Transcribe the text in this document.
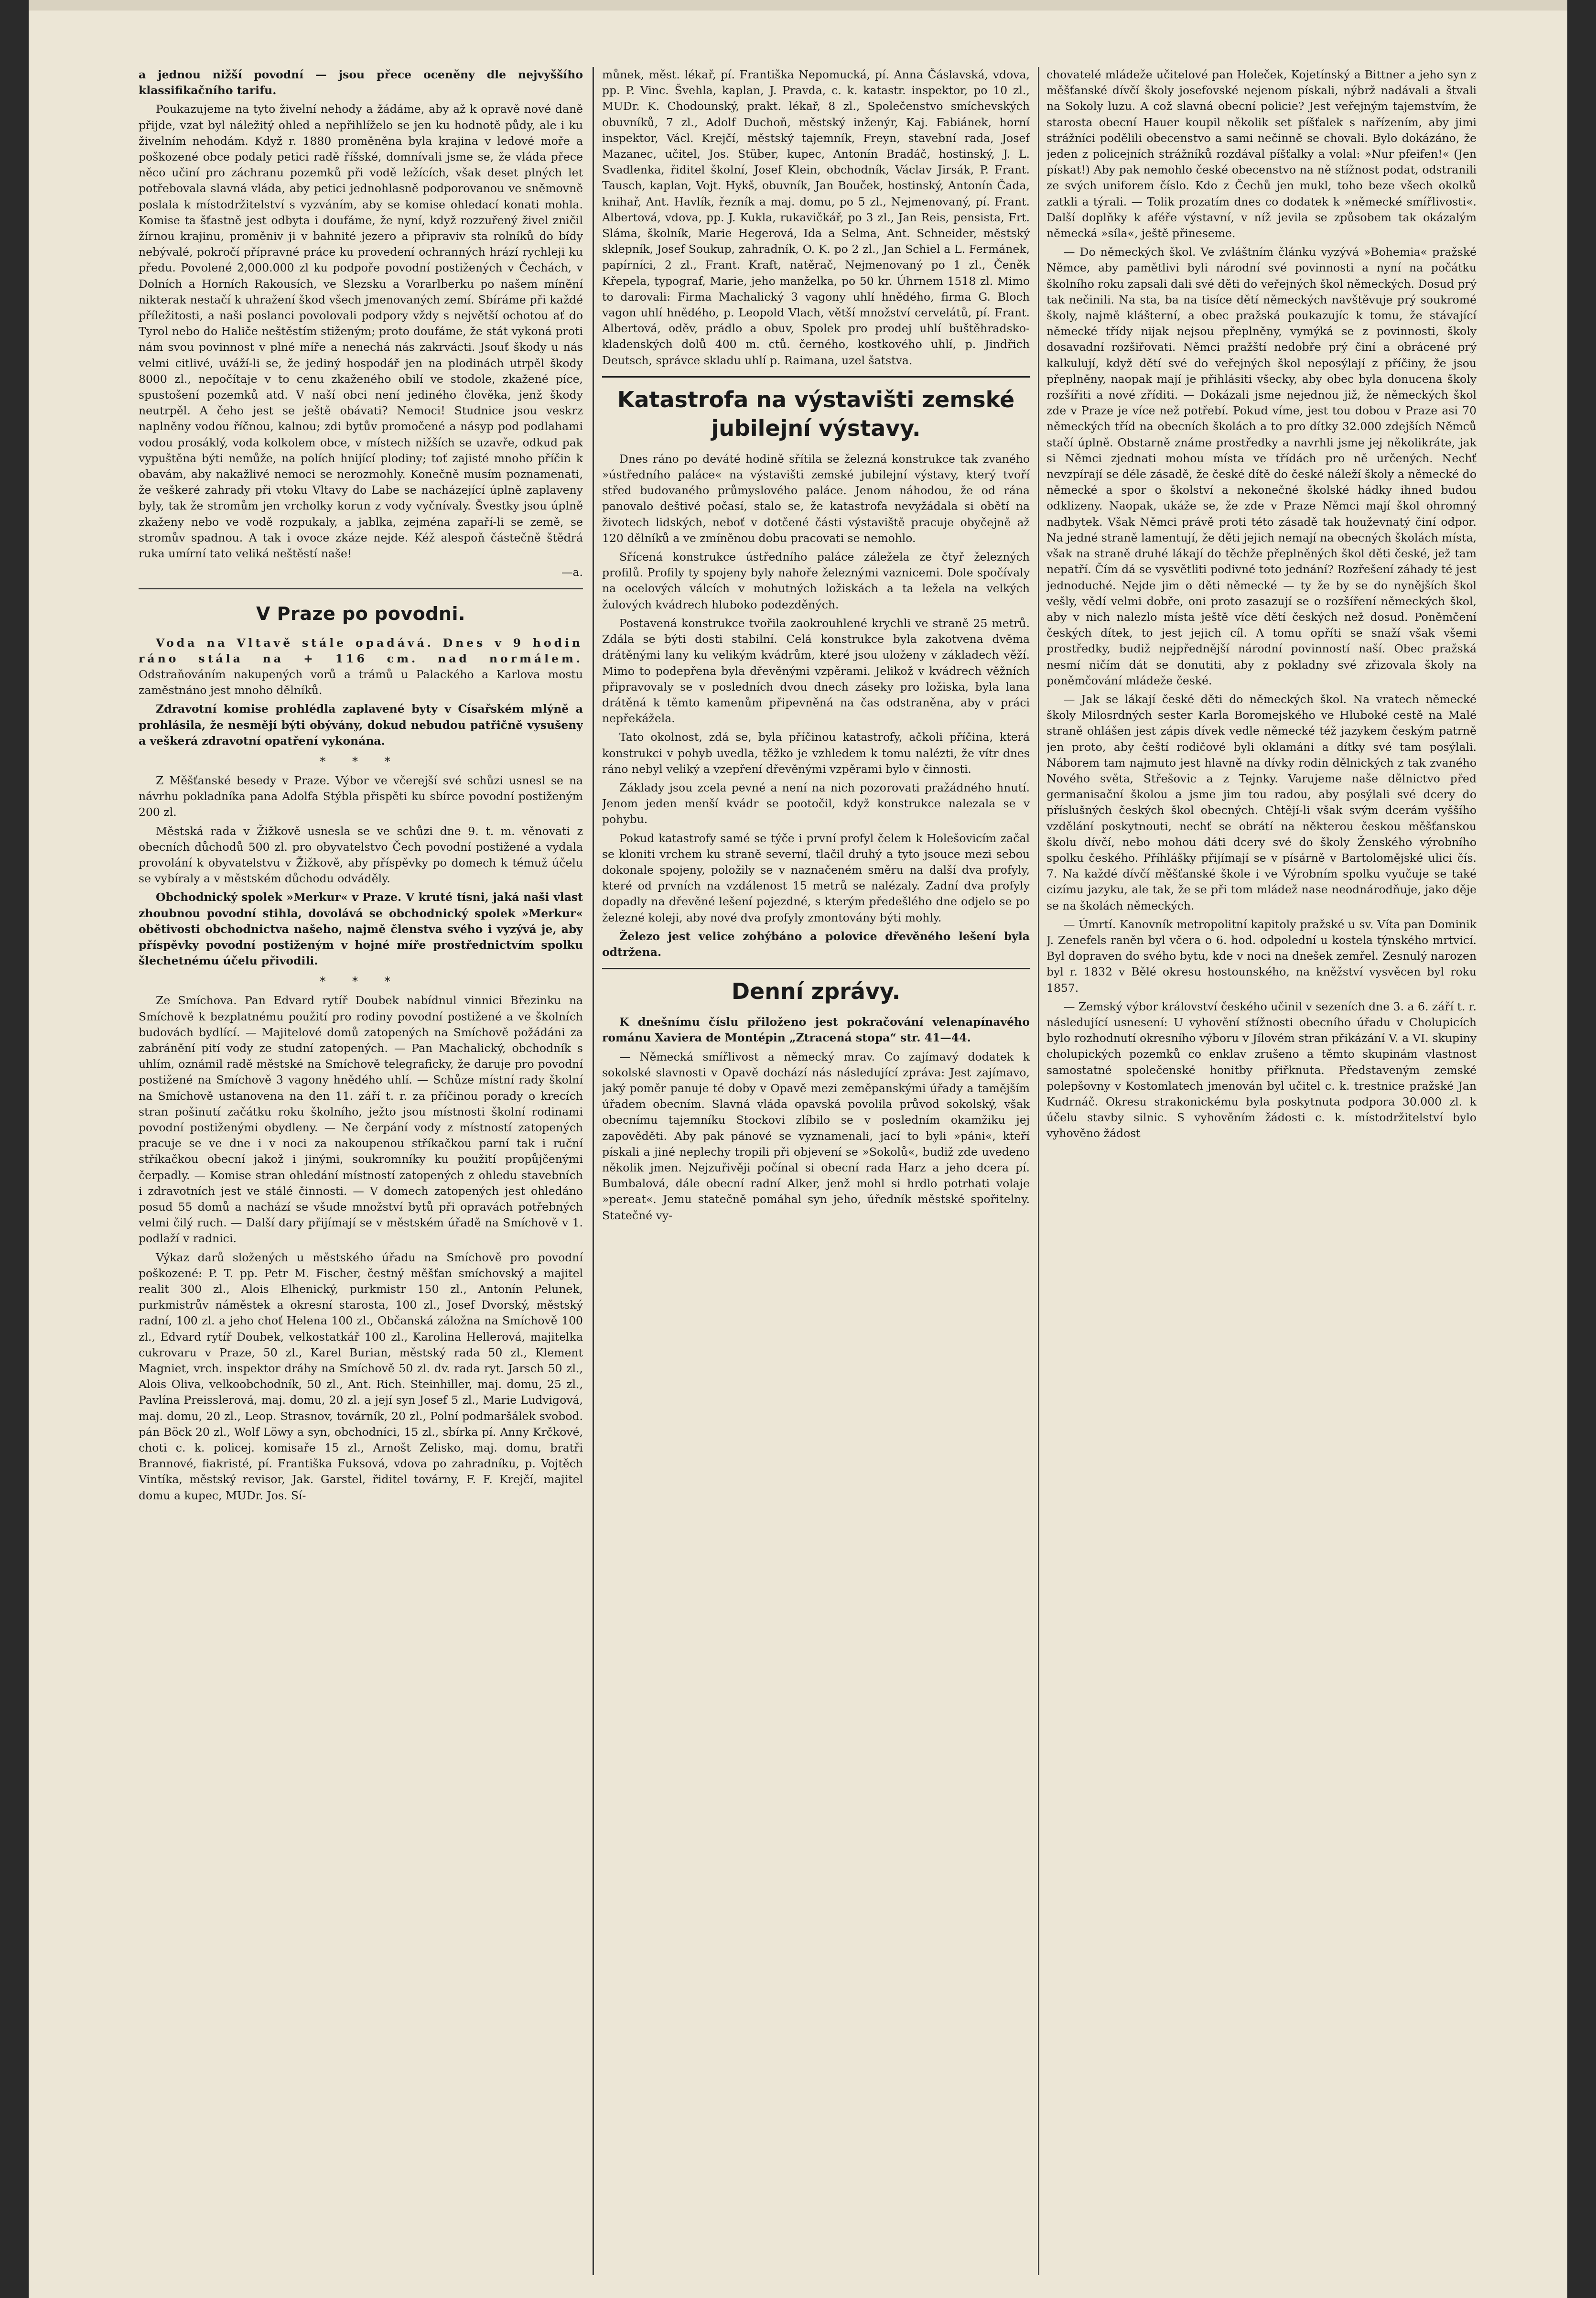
a jednou nižší povodní — jsou přece oceněny dle nejvyššího klassifikačního tarifu.

Poukazujeme na tyto živelní nehody a žádáme, aby až k opravě nové daně přijde, vzat byl náležitý ohled a nepřihlíželo se jen ku hodnotě půdy, ale i ku živelním nehodám. Když r. 1880 proměněna byla krajina v ledové moře a poškozené obce podaly petici radě říšské, domnívali jsme se, že vláda přece něco učiní pro záchranu pozemků při vodě ležících, však deset plných let potřebovala slavná vláda, aby petici jednohlasně podporovanou ve sněmovně poslala k místodržitelství s vyzváním, aby se komise ohledací konati mohla. Komise ta šťastně jest odbyta i doufáme, že nyní, když rozzuřený živel zničil žírnou krajinu, proměniv ji v bahnité jezero a připraviv sta rolníků do bídy nebývalé, pokročí přípravné práce ku provedení ochranných hrází rychleji ku předu. Povolené 2,000.000 zl ku podpoře povodní postižených v Čechách, v Dolních a Horních Rakousích, ve Slezsku a Vorarlberku po našem mínění nikterak nestačí k uhražení škod všech jmenovaných zemí. Sbíráme při každé příležitosti, a naši poslanci povolovali podpory vždy s největší ochotou ať do Tyrol nebo do Haliče neštěstím stiženým; proto doufáme, že stát vykoná proti nám svou povinnost v plné míře a nenechá nás zakrvácti. Jsouť škody u nás velmi citlivé, uváží-li se, že jediný hospodář jen na plodinách utrpěl škody 8000 zl., nepočítaje v to cenu zkaženého obilí ve stodole, zkažené píce, spustošení pozemků atd. V naší obci není jediného člověka, jenž škody neutrpěl. A čeho jest se ještě obávati? Nemoci! Studnice jsou veskrz naplněny vodou říčnou, kalnou; zdi bytův promočené a násyp pod podlahami vodou prosáklý, voda kolkolem obce, v místech nižších se uzavře, odkud pak vypuštěna býti nemůže, na polích hnijící plodiny; toť zajisté mnoho příčin k obavám, aby nakažlivé nemoci se nerozmohly. Konečně musím poznamenati, že veškeré zahrady při vtoku Vltavy do Labe se nacházející úplně zaplaveny byly, tak že stromům jen vrcholky korun z vody vyčnívaly. Švestky jsou úplně zkaženy nebo ve vodě rozpukaly, a jablka, zejména zapaří-li se země, se stromův spadnou. A tak i ovoce zkáze nejde. Kéž alespoň částečně štědrá ruka umírní tato veliká neštěstí naše!

—a.

V Praze po povodni.

Voda na Vltavě stále opadává. Dnes v 9 hodin ráno stála na + 116 cm. nad normálem. Odstraňováním nakupených vorů a trámů u Palackého a Karlova mostu zaměstnáno jest mnoho dělníků.

Zdravotní komise prohlédla zaplavené byty v Císařském mlýně a prohlásila, že nesmějí býti obývány, dokud nebudou patřičně vysušeny a veškerá zdravotní opatření vykonána.

* * *

Z Měšťanské besedy v Praze. Výbor ve včerejší své schůzi usnesl se na návrhu pokladníka pana Adolfa Stýbla přispěti ku sbírce povodní postiženým 200 zl.

Městská rada v Žižkově usnesla se ve schůzi dne 9. t. m. věnovati z obecních důchodů 500 zl. pro obyvatelstvo Čech povodní postižené a vydala provolání k obyvatelstvu v Žižkově, aby příspěvky po domech k témuž účelu se vybíraly a v městském důchodu odváděly.

Obchodnický spolek »Merkur« v Praze. V kruté tísni, jaká naši vlast zhoubnou povodní stihla, dovolává se obchodnický spolek »Merkur« obětivosti obchodnictva našeho, najmě členstva svého i vyzývá je, aby příspěvky povodní postiženým v hojné míře prostřednictvím spolku šlechetnému účelu přivodili.

* * *

Ze Smíchova. Pan Edvard rytíř Doubek nabídnul vinnici Březinku na Smíchově k bezplatnému použití pro rodiny povodní postižené a ve školních budovách bydlící. — Majitelové domů zatopených na Smíchově požádáni za zabránění pití vody ze studní zatopených. — Pan Machalický, obchodník s uhlím, oznámil radě městské na Smíchově telegraficky, že daruje pro povodní postižené na Smíchově 3 vagony hnědého uhlí. — Schůze místní rady školní na Smíchově ustanovena na den 11. září t. r. za příčinou porady o krecích stran pošinutí začátku roku školního, ježto jsou místnosti školní rodinami povodní postiženými obydleny. — Ne čerpání vody z místností zatopených pracuje se ve dne i v noci za nakoupenou stříkačkou parní tak i ruční stříkačkou obecní jakož i jinými, soukromníky ku použití propůjčenými čerpadly. — Komise stran ohledání místností zatopených z ohledu stavebních i zdravotních jest ve stálé činnosti. — V domech zatopených jest ohledáno posud 55 domů a nachází se všude množství bytů při opravách potřebných velmi čilý ruch. — Další dary přijímají se v městském úřadě na Smíchově v 1. podlaží v radnici.

Výkaz darů složených u městského úřadu na Smíchově pro povodní poškozené: P. T. pp. Petr M. Fischer, čestný měšťan smíchovský a majitel realit 300 zl., Alois Elhenický, purkmistr 150 zl., Antonín Pelunek, purkmistrův náměstek a okresní starosta, 100 zl., Josef Dvorský, městský radní, 100 zl. a jeho choť Helena 100 zl., Občanská záložna na Smíchově 100 zl., Edvard rytíř Doubek, velkostatkář 100 zl., Karolina Hellerová, majitelka cukrovaru v Praze, 50 zl., Karel Burian, městský rada 50 zl., Klement Magniet, vrch. inspektor dráhy na Smíchově 50 zl. dv. rada ryt. Jarsch 50 zl., Alois Oliva, velkoobchodník, 50 zl., Ant. Rich. Steinhiller, maj. domu, 25 zl., Pavlína Preisslerová, maj. domu, 20 zl. a její syn Josef 5 zl., Marie Ludvigová, maj. domu, 20 zl., Leop. Strasnov, továrník, 20 zl., Polní podmaršálek svobod. pán Böck 20 zl., Wolf Löwy a syn, obchodníci, 15 zl., sbírka pí. Anny Krčkové, choti c. k. policej. komisaře 15 zl., Arnošt Zelisko, maj. domu, bratři Brannové, fiakristé, pí. Františka Fuksová, vdova po zahradníku, p. Vojtěch Vintíka, městský revisor, Jak. Garstel, řiditel továrny, F. F. Krejčí, majitel domu a kupec, MUDr. Jos. Sí-

můnek, měst. lékař, pí. Františka Nepomucká, pí. Anna Čáslavská, vdova, pp. P. Vinc. Švehla, kaplan, J. Pravda, c. k. katastr. inspektor, po 10 zl., MUDr. K. Chodounský, prakt. lékař, 8 zl., Společenstvo smíchevských obuvníků, 7 zl., Adolf Duchoň, městský inženýr, Kaj. Fabiánek, horní inspektor, Václ. Krejčí, městský tajemník, Freyn, stavební rada, Josef Mazanec, učitel, Jos. Stüber, kupec, Antonín Bradáč, hostinský, J. L. Svadlenka, řiditel školní, Josef Klein, obchodník, Václav Jirsák, P. Frant. Tausch, kaplan, Vojt. Hykš, obuvník, Jan Bouček, hostinský, Antonín Čada, knihař, Ant. Havlík, řezník a maj. domu, po 5 zl., Nejmenovaný, pí. Frant. Albertová, vdova, pp. J. Kukla, rukavičkář, po 3 zl., Jan Reis, pensista, Frt. Sláma, školník, Marie Hegerová, Ida a Selma, Ant. Schneider, městský sklepník, Josef Soukup, zahradník, O. K. po 2 zl., Jan Schiel a L. Fermánek, papírníci, 2 zl., Frant. Kraft, natěrač, Nejmenovaný po 1 zl., Čeněk Křepela, typograf, Marie, jeho manželka, po 50 kr. Úhrnem 1518 zl. Mimo to darovali: Firma Machalický 3 vagony uhlí hnědého, firma G. Bloch vagon uhlí hnědého, p. Leopold Vlach, větší množství cervelátů, pí. Frant. Albertová, oděv, prádlo a obuv, Spolek pro prodej uhlí buštěhradsko-kladenských dolů 400 m. ctů. černého, kostkového uhlí, p. Jindřich Deutsch, správce skladu uhlí p. Raimana, uzel šatstva.

Katastrofa na výstavišti zemské jubilejní výstavy.

Dnes ráno po deváté hodině sřítila se železná konstrukce tak zvaného »ústředního paláce« na výstavišti zemské jubilejní výstavy, který tvoří střed budovaného průmyslového paláce. Jenom náhodou, že od rána panovalo deštivé počasí, stalo se, že katastrofa nevyžádala si obětí na životech lidských, neboť v dotčené části výstaviště pracuje obyčejně až 120 dělníků a ve zmíněnou dobu pracovati se nemohlo.

Sřícená konstrukce ústředního paláce záležela ze čtyř železných profilů. Profily ty spojeny byly nahoře železnými vaznicemi. Dole spočívaly na ocelových válcích v mohutných ložiskách a ta ležela na velkých žulových kvádrech hluboko podezděných.

Postavená konstrukce tvořila zaokrouhlené krychli ve straně 25 metrů. Zdála se býti dosti stabilní. Celá konstrukce byla zakotvena dvěma drátěnými lany ku velikým kvádrům, které jsou uloženy v základech věží. Mimo to podepřena byla dřevěnými vzpěrami. Jelikož v kvádrech věžních připravovaly se v posledních dvou dnech zásekу pro ložiska, byla lana drátěná k těmto kamenům připevněná na čas odstraněna, aby v práci nepřekážela.

Tato okolnost, zdá se, byla příčinou katastrofy, ačkoli příčina, která konstrukci v pohyb uvedla, těžko je vzhledem k tomu nalézti, že vítr dnes ráno nebyl veliký a vzepření dřevěnými vzpěrami bylo v činnosti.

Základy jsou zcela pevné a není na nich pozorovati pražádného hnutí. Jenom jeden menší kvádr se pootočil, když konstrukce nalezala se v pohybu.

Pokud katastrofy samé se týče i první profyl čelem k Holešovicím začal se kloniti vrchem ku straně severní, tlačil druhý a tyto jsouce mezi sebou dokonale spojeny, položily se v naznačeném směru na další dva profyly, které od prvních na vzdálenost 15 metrů se nalézaly. Zadní dva profyly dopadly na dřevěné lešení pojezdné, s kterým předešlého dne odjelo se po železné koleji, aby nové dva profyly zmontovány býti mohly.

Železo jest velice zohýbáno a polovice dřevěného lešení byla odtržena.

Denní zprávy.

K dnešnímu číslu přiloženo jest pokračování velenapínavého románu Xaviera de Montépin „Ztracená stopa“ str. 41—44.

— Německá smířlivost a německý mrav. Co zajímavý dodatek k sokolské slavnosti v Opavě dochází nás následující zpráva: Jest zajímavo, jaký poměr panuje té doby v Opavě mezi zeměpanskými úřady a tamějším úřadem obecním. Slavná vláda opavská povolila průvod sokolský, však obecnímu tajemníku Stockovi zlíbilo se v posledním okamžiku jej zapověděti. Aby pak pánové se vyznamenali, jací to byli »páni«, kteří pískali a jiné neplechy tropili při objevení se »Sokolů«, budiž zde uvedeno několik jmen. Nejzuřivěji počínal si obecní rada Harz a jeho dcera pí. Bumbalová, dále obecní radní Alker, jenž mohl si hrdlo potrhati volajе »pereat«. Jemu statečně pomáhal syn jeho, úředník městské spořitelny. Statečné vy-

chovatelé mládeže učitelové pan Holeček, Kojetínský a Bittner a jeho syn z měšťanské dívčí školy josefovské nejenom pískali, nýbrž nadávali a štvali na Sokoly luzu. A což slavná obecní policie? Jest veřejným tajemstvím, že starosta obecní Hauer koupil několik set píšťalek s nařízením, aby jimi strážníci podělili obecenstvo a sami nečinně se chovali. Bylo dokázáno, že jeden z policejních strážníků rozdával píšťalky a volal: »Nur pfeifen!« (Jen pískat!) Aby pak nemohlo české obecenstvo na ně stížnost podat, odstranili ze svých uniforem číslo. Kdo z Čechů jen mukl, toho beze všech okolků zatkli a týrali. — Tolik prozatím dnes co dodatek k »německé smířlivosti«. Další doplňky k aféře výstavní, v níž jevila se způsobem tak okázalým německá »síla«, ještě přineseme.

— Do německých škol. Ve zvláštním článku vyzývá »Bohemia« pražské Němce, aby pamětlivi byli národní své povinnosti a nyní na počátku školního roku zapsali dali své děti do veřejných škol německých. Dosud prý tak nečinili. Na sta, ba na tisíce dětí německých navštěvuje prý soukromé školy, najmě klášterní, a obec pražská poukazujíc k tomu, že stávající německé třídy nijak nejsou přeplněny, vymýká se z povinnosti, školy dosavadní rozšiřovati. Němci pražští nedobře prý činí a obrácené prý kalkulují, když dětí své do veřejných škol neposýlají z příčiny, že jsou přeplněny, naopak mají je přihlásiti všecky, aby obec byla donucena školy rozšířiti a nové zříditi. — Dokázali jsme nejednou již, že německých škol zde v Praze je více než potřebí. Pokud víme, jest tou dobou v Praze asi 70 německých tříd na obecních školách a to pro dítky 32.000 zdejších Němců stačí úplně. Obstarně známe prostředky a navrhli jsme jej několikráte, jak si Němci zjednati mohou místa ve třídách pro ně určených. Nechť nevzpírají se déle zásadě, že české dítě do české náleží školy a německé do německé a spor o školství a nekonečné školské hádky ihned budou odklizeny. Naopak, ukáže se, že zde v Praze Němci mají škol ohromný nadbytek. Však Němci právě proti této zásadě tak houževnatý činí odpor. Na jedné straně lamentují, že děti jejich nemají na obecných školách místa, však na straně druhé lákají do těchže přeplněných škol děti české, jež tam nepatří. Čím dá se vysvětliti podivné toto jednání? Rozřešení záhady té jest jednoduché. Nejde jim o děti německé — ty že by se do nynějších škol vešly, vědí velmi dobře, oni proto zasazují se o rozšíření německých škol, aby v nich nalezlo místa ještě více dětí českých než dosud. Poněmčení českých dítek, to jest jejich cíl. A tomu opříti se snaží však všemi prostředky, budiž nejpřednější národní povinností naší. Obec pražská nesmí ničím dát se donutiti, aby z pokladny své zřizovala školy na poněmčování mládeže české.

— Jak se lákají české děti do německých škol. Na vratech německé školy Milosrdných sester Karla Boromejského ve Hluboké cestě na Malé straně ohlášen jest zápis dívek vedle německé též jazykem českým patrně jen proto, aby čeští rodičové byli oklamáni a dítky své tam posýlali. Náborem tam najmuto jest hlavně na dívky rodin dělnických z tak zvaného Nového světa, Střešovic a z Tejnky. Varujeme naše dělnictvo před germanisační školou a jsme jim tou radou, aby posýlali své dcery do příslušných českých škol obecných. Chtějí-li však svým dcerám vyššího vzdělání poskytnouti, nechť se obrátí na některou českou měšťanskou školu dívčí, nebo mohou dáti dcery své do školy Ženského výrobního spolku českého. Příhlášky přijímají se v písárně v Bartolomějské ulici čís. 7. Na každé dívčí měšťanské škole i ve Výrobním spolku vyučuje se také cizímu jazyku, ale tak, že se při tom mládež nase neodnárodňuje, jako děje se na školách německých.

— Úmrtí. Kanovník metropolitní kapitoly pražské u sv. Víta pan Dominik J. Zenefels raněn byl včera o 6. hod. odpolední u kostela týnského mrtvicí. Byl dopraven do svého bytu, kde v noci na dnešek zemřel. Zesnulý narozen byl r. 1832 v Bělé okresu hostounského, na kněžství vysvěcen byl roku 1857.

— Zemský výbor království českého učinil v sezeních dne 3. a 6. září t. r. následující usnesení: U vyhovění stížnosti obecního úřadu v Cholupicích bylo rozhodnutí okresního výboru v Jílovém stran přikázání V. a VI. skupiny cholupických pozemků co enklav zrušeno a těmto skupinám vlastnost samostatné společenské honitby přiřknuta. Představeným zemské polepšovny v Kostomlatech jmenován byl učitel c. k. trestnice pražské Jan Kudrnáč. Okresu strakonickému byla poskytnuta podpora 30.000 zl. k účelu stavby silnic. S vyhověním žádosti c. k. místodržitelství bylo vyhověno žádost
